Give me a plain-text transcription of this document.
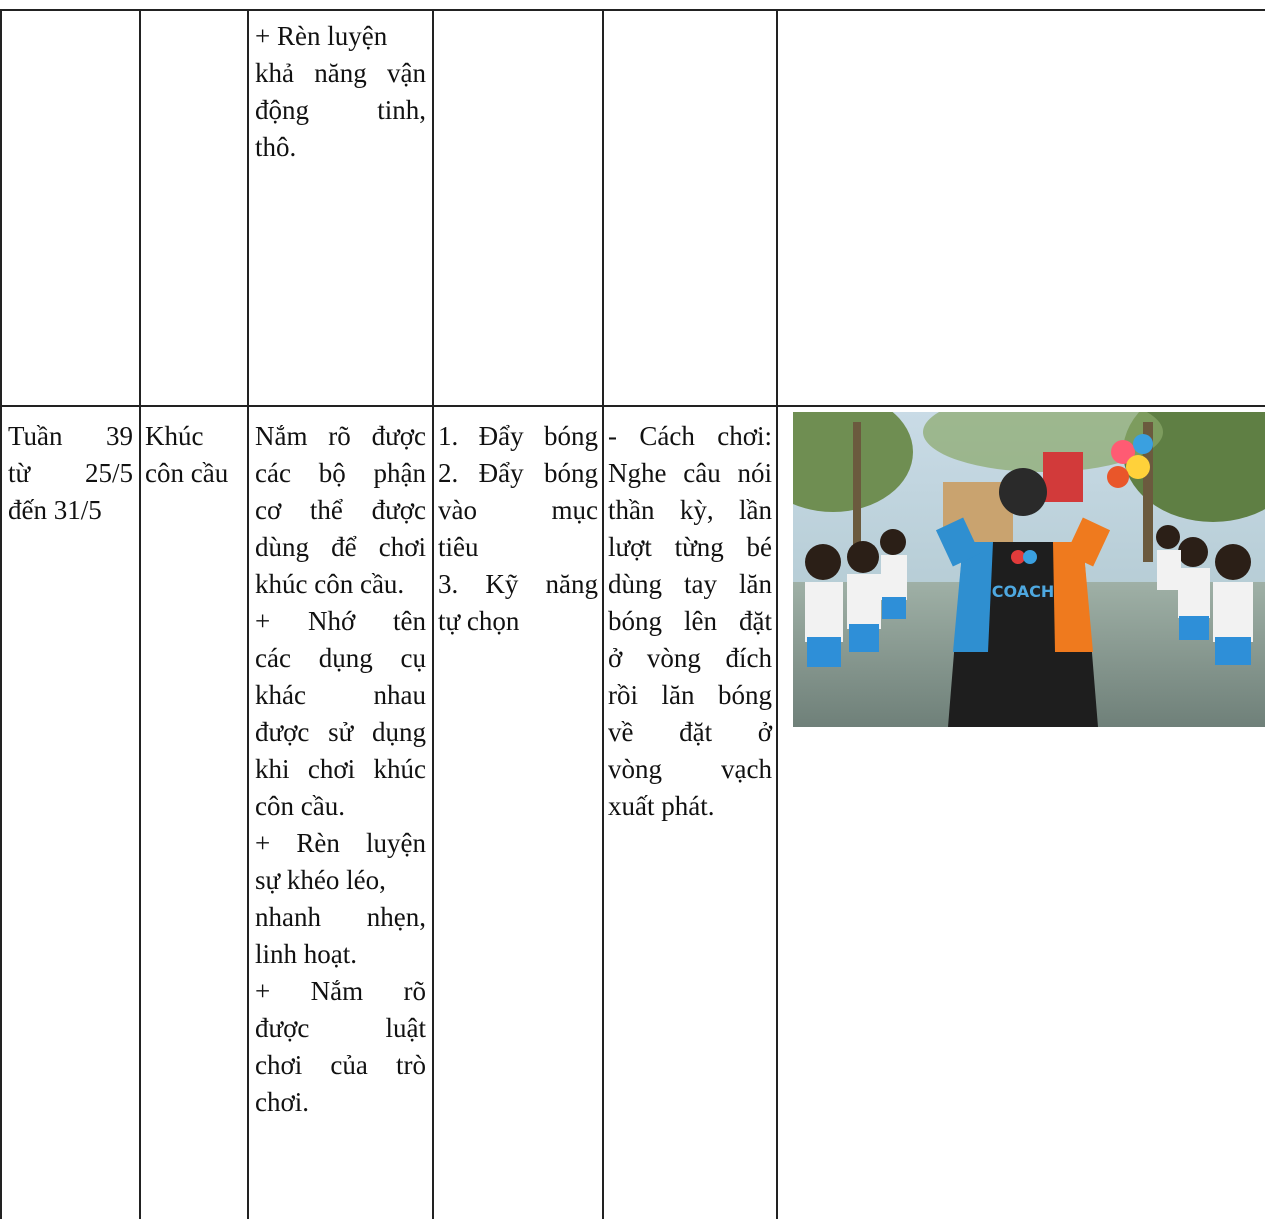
+ Rèn luyện
khả năng vận
động tinh,
thô.
Tuần 39
từ 25/5
đến 31/5
Khúc
côn cầu
Nắm rõ được
các bộ phận
cơ thể được
dùng để chơi
khúc côn cầu.
+ Nhớ tên
các dụng cụ
khác nhau
được sử dụng
khi chơi khúc
côn cầu.
+ Rèn luyện
sự khéo léo,
nhanh nhẹn,
linh hoạt.
+ Nắm rõ
được luật
chơi của trò
chơi.
1. Đẩy bóng
2. Đẩy bóng
vào mục
tiêu
3. Kỹ năng
tự chọn
- Cách chơi:
Nghe câu nói
thần kỳ, lần
lượt từng bé
dùng tay lăn
bóng lên đặt
ở vòng đích
rồi lăn bóng
về đặt ở
vòng vạch
xuất phát.
COACH
